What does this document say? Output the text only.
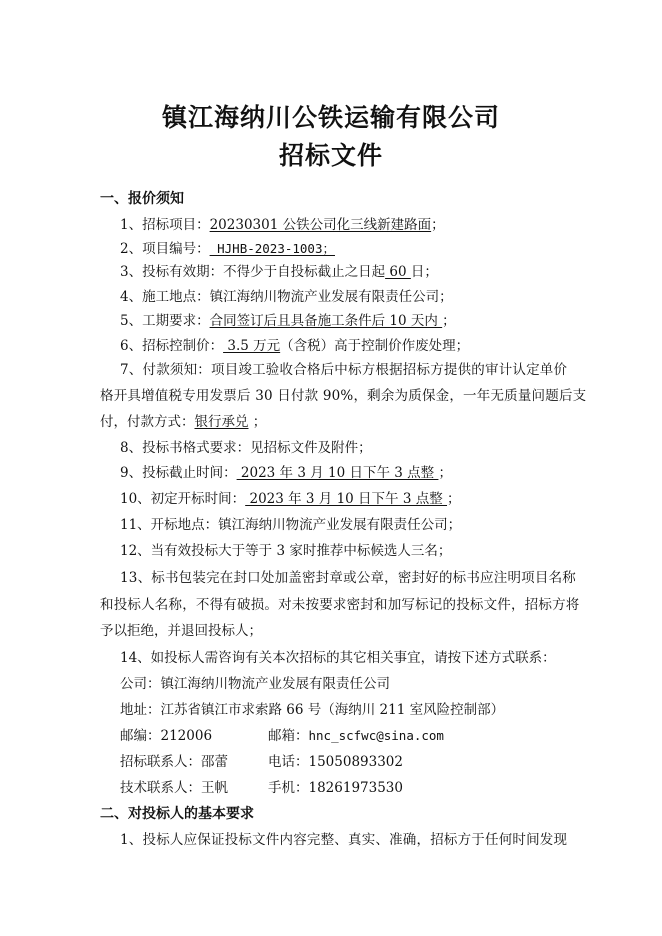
镇江海纳川公铁运输有限公司
招标文件
一、报价须知
1、招标项目：20230301 公铁公司化三线新建路面；
2、项目编号： HJHB-2023-1003；
3、投标有效期：不得少于自投标截止之日起 60 日；
4、施工地点：镇江海纳川物流产业发展有限责任公司；
5、工期要求：合同签订后且具备施工条件后 10 天内 ；
6、招标控制价： 3.5 万元（含税）高于控制价作废处理；
7、付款须知：项目竣工验收合格后中标方根据招标方提供的审计认定单价
格开具增值税专用发票后 30 日付款 90%，剩余为质保金，一年无质量问题后支
付，付款方式：银行承兑 ；
8、投标书格式要求：见招标文件及附件；
9、投标截止时间： 2023 年 3 月 10 日下午 3 点整 ；
10、初定开标时间： 2023 年 3 月 10 日下午 3 点整 ；
11、开标地点：镇江海纳川物流产业发展有限责任公司；
12、当有效投标大于等于 3 家时推荐中标候选人三名；
13、标书包装完在封口处加盖密封章或公章，密封好的标书应注明项目名称
和投标人名称，不得有破损。对未按要求密封和加写标记的投标文件，招标方将
予以拒绝，并退回投标人；
14、如投标人需咨询有关本次招标的其它相关事宜，请按下述方式联系：
公司：镇江海纳川物流产业发展有限责任公司
地址：江苏省镇江市求索路 66 号（海纳川 211 室风险控制部）
邮编：212006	邮箱：hnc_scfwc@sina.com
招标联系人：邵蕾	电话：15050893302
技术联系人：王帆	手机：18261973530
二、对投标人的基本要求
1、投标人应保证投标文件内容完整、真实、准确，招标方于任何时间发现
